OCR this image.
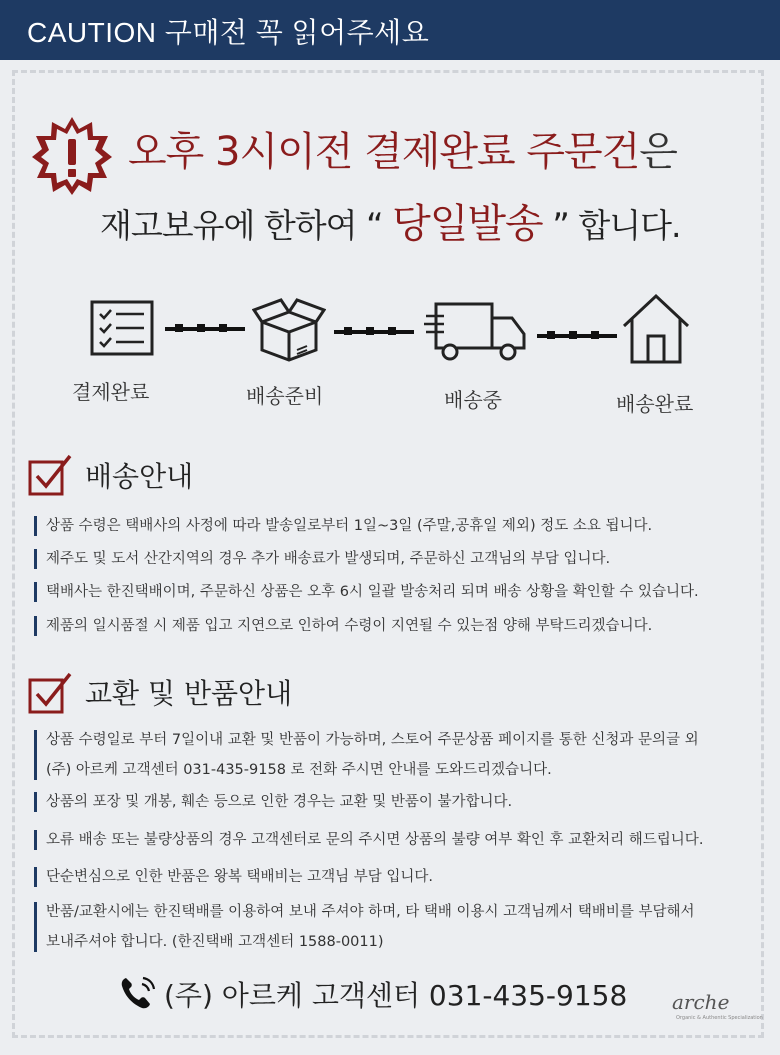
CAUTION 구매전 꼭 읽어주세요
오후 3시이전 결제완료 주문건은
재고보유에 한하여 “ 당일발송 ” 합니다.
결제완료	배송준비	배송중	배송완료
배송안내
상품 수령은 택배사의 사정에 따라 발송일로부터 1일~3일 (주말,공휴일 제외) 정도 소요 됩니다.
제주도 및 도서 산간지역의 경우 추가 배송료가 발생되며, 주문하신 고객님의 부담 입니다.
택배사는 한진택배이며, 주문하신 상품은 오후 6시 일괄 발송처리 되며 배송 상황을 확인할 수 있습니다.
제품의 일시품절 시 제품 입고 지연으로 인하여 수령이 지연될 수 있는점 양해 부탁드리겠습니다.
교환 및 반품안내
상품 수령일로 부터 7일이내 교환 및 반품이 가능하며, 스토어 주문상품 페이지를 통한 신청과 문의글 외
(주) 아르케 고객센터 031-435-9158 로 전화 주시면 안내를 도와드리겠습니다.
상품의 포장 및 개봉, 훼손 등으로 인한 경우는 교환 및 반품이 불가합니다.
오류 배송 또는 불량상품의 경우 고객센터로 문의 주시면 상품의 불량 여부 확인 후 교환처리 해드립니다.
단순변심으로 인한 반품은 왕복 택배비는 고객님 부담 입니다.
반품/교환시에는 한진택배를 이용하여 보내 주셔야 하며, 타 택배 이용시 고객님께서 택배비를 부담해서
보내주셔야 합니다. (한진택배 고객센터 1588-0011)
(주) 아르케 고객센터 031-435-9158 arche
Organic & Authentic Specialization
